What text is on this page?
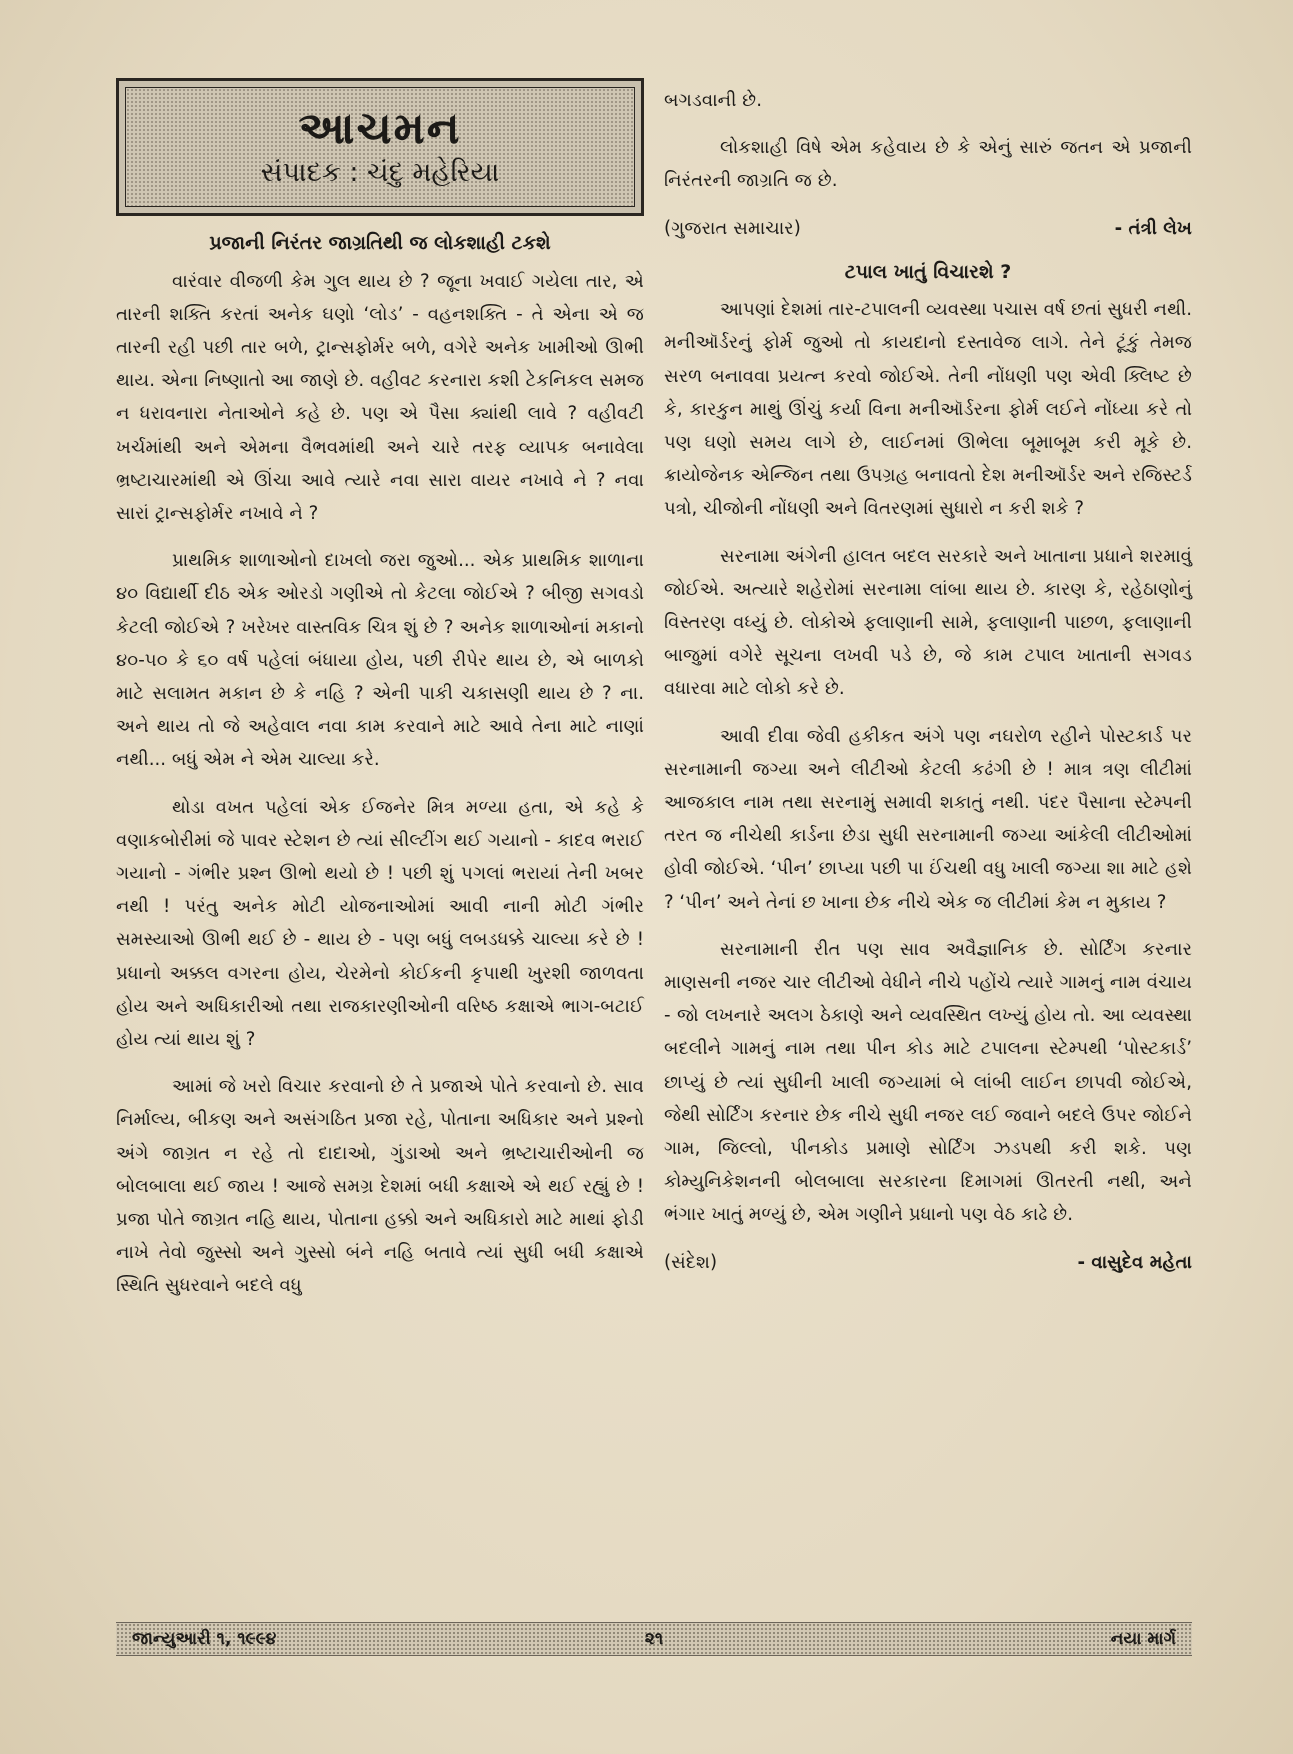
આચમન
સંપાદક : ચંદુ મહેરિયા
પ્રજાની નિરંતર જાગ્રતિથી જ લોકશાહી ટકશે

વારંવાર વીજળી કેમ ગુલ થાય છે ? જૂના ખવાઈ ગયેલા તાર, એ તારની શક્તિ કરતાં અનેક ઘણો ‘લોડ’ - વહનશક્તિ - તે એના એ જ તારની રહી પછી તાર બળે, ટ્રાન્સફોર્મર બળે, વગેરે અનેક ખામીઓ ઊભી થાય. એના નિષ્ણાતો આ જાણે છે. વહીવટ કરનારા કશી ટેકનિકલ સમજ ન ધરાવનારા નેતાઓને કહે છે. પણ એ પૈસા ક્યાંથી લાવે ? વહીવટી ખર્ચમાંથી અને એમના વૈભવમાંથી અને ચારે તરફ વ્યાપક બનાવેલા ભ્રષ્ટાચારમાંથી એ ઊંચા આવે ત્યારે નવા સારા વાયર નખાવે ને ? નવા સારાં ટ્રાન્સફોર્મર નખાવે ને ?

પ્રાથમિક શાળાઓનો દાખલો જરા જુઓ... એક પ્રાથમિક શાળાના ૪૦ વિદ્યાર્થી દીઠ એક ઓરડો ગણીએ તો કેટલા જોઈએ ? બીજી સગવડો કેટલી જોઈએ ? ખરેખર વાસ્તવિક ચિત્ર શું છે ? અનેક શાળાઓનાં મકાનો ૪૦-૫૦ કે ૬૦ વર્ષ પહેલાં બંધાયા હોય, પછી રીપેર થાય છે, એ બાળકો માટે સલામત મકાન છે કે નહિ ? એની પાકી ચકાસણી થાય છે ? ના. અને થાય તો જે અહેવાલ નવા કામ કરવાને માટે આવે તેના માટે નાણાં નથી... બધું એમ ને એમ ચાલ્યા કરે.

થોડા વખત પહેલાં એક ઈજનેર મિત્ર મળ્યા હતા, એ કહે કે વણાકબોરીમાં જે પાવર સ્ટેશન છે ત્યાં સીલ્ટીંગ થઈ ગયાનો - કાદવ ભરાઈ ગયાનો - ગંભીર પ્રશ્ન ઊભો થયો છે ! પછી શું પગલાં ભરાયાં તેની ખબર નથી ! પરંતુ અનેક મોટી યોજનાઓમાં આવી નાની મોટી ગંભીર સમસ્યાઓ ઊભી થઈ છે - થાય છે - પણ બધું લબડધક્કે ચાલ્યા કરે છે ! પ્રધાનો અક્કલ વગરના હોય, ચેરમેનો કોઈકની કૃપાથી ખુરશી જાળવતા હોય અને અધિકારીઓ તથા રાજકારણીઓની વરિષ્ઠ કક્ષાએ ભાગ-બટાઈ હોય ત્યાં થાય શું ?

આમાં જે ખરો વિચાર કરવાનો છે તે પ્રજાએ પોતે કરવાનો છે. સાવ નિર્માલ્ય, બીકણ અને અસંગઠિત પ્રજા રહે, પોતાના અધિકાર અને પ્રશ્નો અંગે જાગ્રત ન રહે તો દાદાઓ, ગુંડાઓ અને ભ્રષ્ટાચારીઓની જ બોલબાલા થઈ જાય ! આજે સમગ્ર દેશમાં બધી કક્ષાએ એ થઈ રહ્યું છે ! પ્રજા પોતે જાગ્રત નહિ થાય, પોતાના હક્કો અને અધિકારો માટે માથાં ફોડી નાખે તેવો જુસ્સો અને ગુસ્સો બંને નહિ બતાવે ત્યાં સુધી બધી કક્ષાએ સ્થિતિ સુધરવાને બદલે વધુ

બગડવાની છે.

લોકશાહી વિષે એમ કહેવાય છે કે એનું સારું જતન એ પ્રજાની નિરંતરની જાગ્રતિ જ છે.

(ગુજરાત સમાચાર)	- તંત્રી લેખ
ટપાલ ખાતું વિચારશે ?

આપણાં દેશમાં તાર-ટપાલની વ્યવસ્થા પચાસ વર્ષ છતાં સુધરી નથી. મનીઑર્ડરનું ફોર્મ જુઓ તો કાયદાનો દસ્તાવેજ લાગે. તેને ટૂંકું તેમજ સરળ બનાવવા પ્રયત્ન કરવો જોઈએ. તેની નોંધણી પણ એવી ક્લિષ્ટ છે કે, કારકુન માથું ઊંચું કર્યા વિના મનીઑર્ડરના ફોર્મ લઈને નોંધ્યા કરે તો પણ ઘણો સમય લાગે છે, લાઈનમાં ઊભેલા બૂમાબૂમ કરી મૂકે છે. ક્રાયોજેનક એન્જિન તથા ઉપગ્રહ બનાવતો દેશ મનીઑર્ડર અને રજિસ્ટર્ડ પત્રો, ચીજોની નોંધણી અને વિતરણમાં સુધારો ન કરી શકે ?

સરનામા અંગેની હાલત બદલ સરકારે અને ખાતાના પ્રધાને શરમાવું જોઈએ. અત્યારે શહેરોમાં સરનામા લાંબા થાય છે. કારણ કે, રહેઠાણોનું વિસ્તરણ વધ્યું છે. લોકોએ ફલાણાની સામે, ફલાણાની પાછળ, ફલાણાની બાજુમાં વગેરે સૂચના લખવી પડે છે, જે કામ ટપાલ ખાતાની સગવડ વધારવા માટે લોકો કરે છે.

આવી દીવા જેવી હકીકત અંગે પણ નઘરોળ રહીને પોસ્ટકાર્ડ પર સરનામાની જગ્યા અને લીટીઓ કેટલી કઢંગી છે ! માત્ર ત્રણ લીટીમાં આજકાલ નામ તથા સરનામું સમાવી શકાતું નથી. પંદર પૈસાના સ્ટેમ્પની તરત જ નીચેથી કાર્ડના છેડા સુધી સરનામાની જગ્યા આંકેલી લીટીઓમાં હોવી જોઈએ. ‘પીન’ છાપ્યા પછી પા ઈંચથી વધુ ખાલી જગ્યા શા માટે હશે ? ‘પીન’ અને તેનાં છ ખાના છેક નીચે એક જ લીટીમાં કેમ ન મુકાય ?

સરનામાની રીત પણ સાવ અવૈજ્ઞાનિક છે. સોર્ટિંગ કરનાર માણસની નજર ચાર લીટીઓ વેધીને નીચે પહોંચે ત્યારે ગામનું નામ વંચાય - જો લખનારે અલગ ઠેકાણે અને વ્યવસ્થિત લખ્યું હોય તો. આ વ્યવસ્થા બદલીને ગામનું નામ તથા પીન કોડ માટે ટપાલના સ્ટેમ્પથી ‘પોસ્ટકાર્ડ’ છાપ્યું છે ત્યાં સુધીની ખાલી જગ્યામાં બે લાંબી લાઈન છાપવી જોઈએ, જેથી સોર્ટિંગ કરનાર છેક નીચે સુધી નજર લઈ જવાને બદલે ઉપર જોઈને ગામ, જિલ્લો, પીનકોડ પ્રમાણે સોર્ટિંગ ઝડપથી કરી શકે. પણ કોમ્યુનિકેશનની બોલબાલા સરકારના દિમાગમાં ઊતરતી નથી, અને ભંગાર ખાતું મળ્યું છે, એમ ગણીને પ્રધાનો પણ વેઠ કાઢે છે.

(સંદેશ)	- વાસુદેવ મહેતા
જાન્યુઆરી ૧, ૧૯૯૪	૨૧	નયા માર્ગ
